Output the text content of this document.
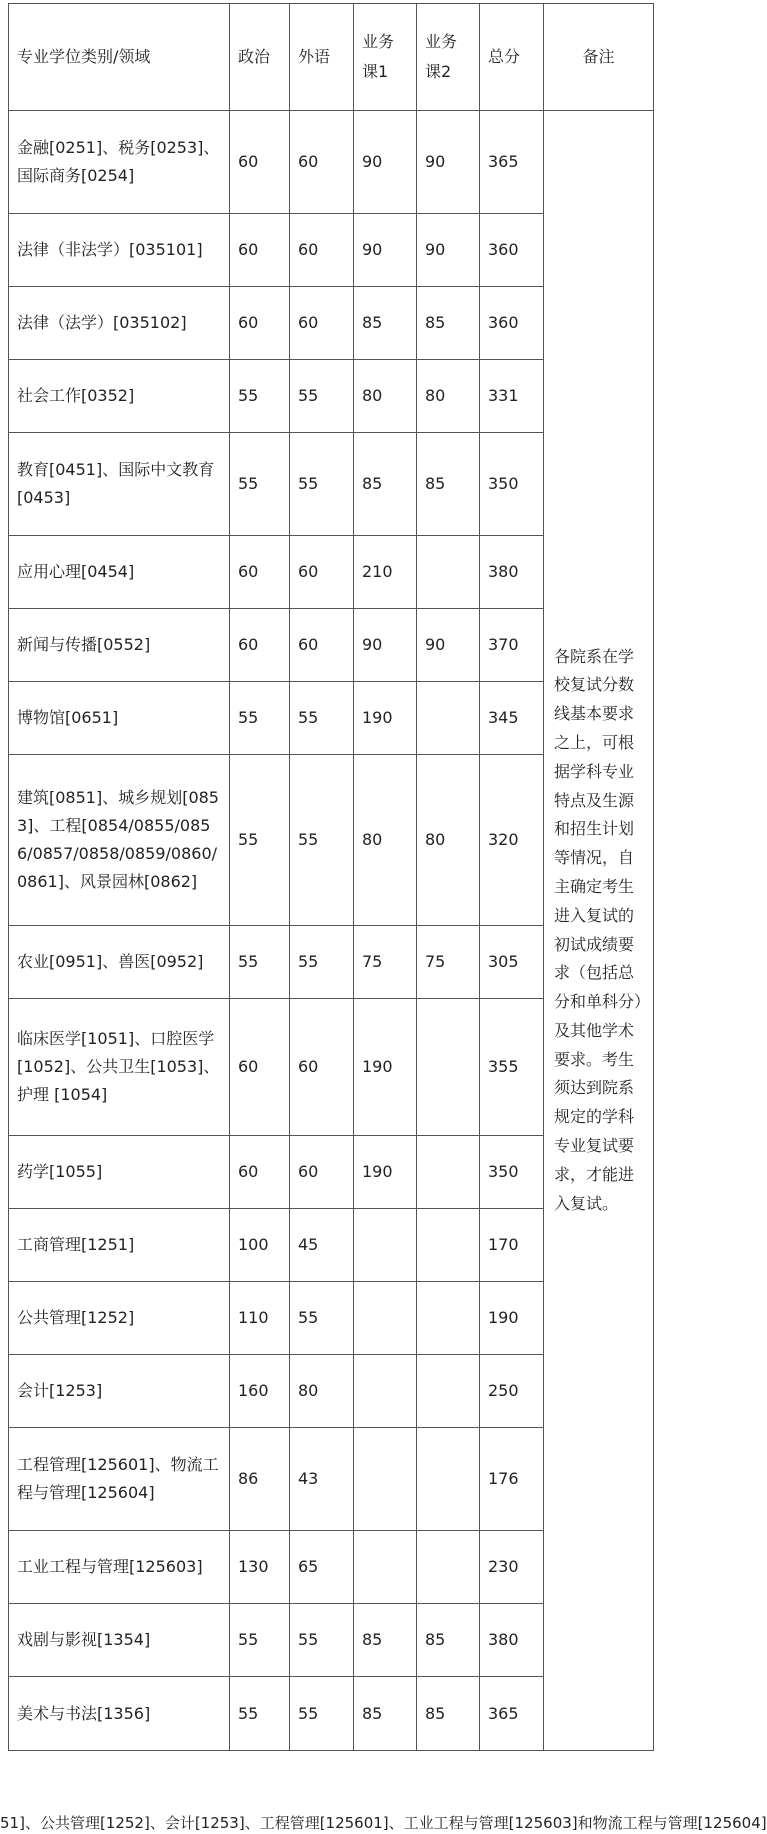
专业学位类别/领域	政治	外语	业务课1	业务课2	总分	备注
金融[0251]、税务[0253]、国际商务[0254]	60	60	90	90	365	各院系在学校复试分数线基本要求之上，可根据学科专业特点及生源和招生计划等情况，自主确定考生进入复试的初试成绩要求（包括总分和单科分）及其他学术要求。考生须达到院系规定的学科专业复试要求，才能进入复试。
法律（非法学）[035101]	60	60	90	90	360	
法律（法学）[035102]	60	60	85	85	360	
社会工作[0352]	55	55	80	80	331	
教育[0451]、国际中文教育[0453]	55	55	85	85	350	
应用心理[0454]	60	60	210		380	
新闻与传播[0552]	60	60	90	90	370	
博物馆[0651]	55	55	190		345	
建筑[0851]、城乡规划[0853]、工程[0854/0855/0856/0857/0858/0859/0860/0861]、风景园林[0862]	55	55	80	80	320	
农业[0951]、兽医[0952]	55	55	75	75	305	
临床医学[1051]、口腔医学[1052]、公共卫生[1053]、护理 [1054]	60	60	190		355	
药学[1055]	60	60	190		350	
工商管理[1251]	100	45			170	
公共管理[1252]	110	55			190	
会计[1253]	160	80			250	
工程管理[125601]、物流工程与管理[125604]	86	43			176	
工业工程与管理[125603]	130	65			230	
戏剧与影视[1354]	55	55	85	85	380	
美术与书法[1356]	55	55	85	85	365	
51]、公共管理[1252]、会计[1253]、工程管理[125601]、工业工程与管理[125603]和物流工程与管理[125604]
